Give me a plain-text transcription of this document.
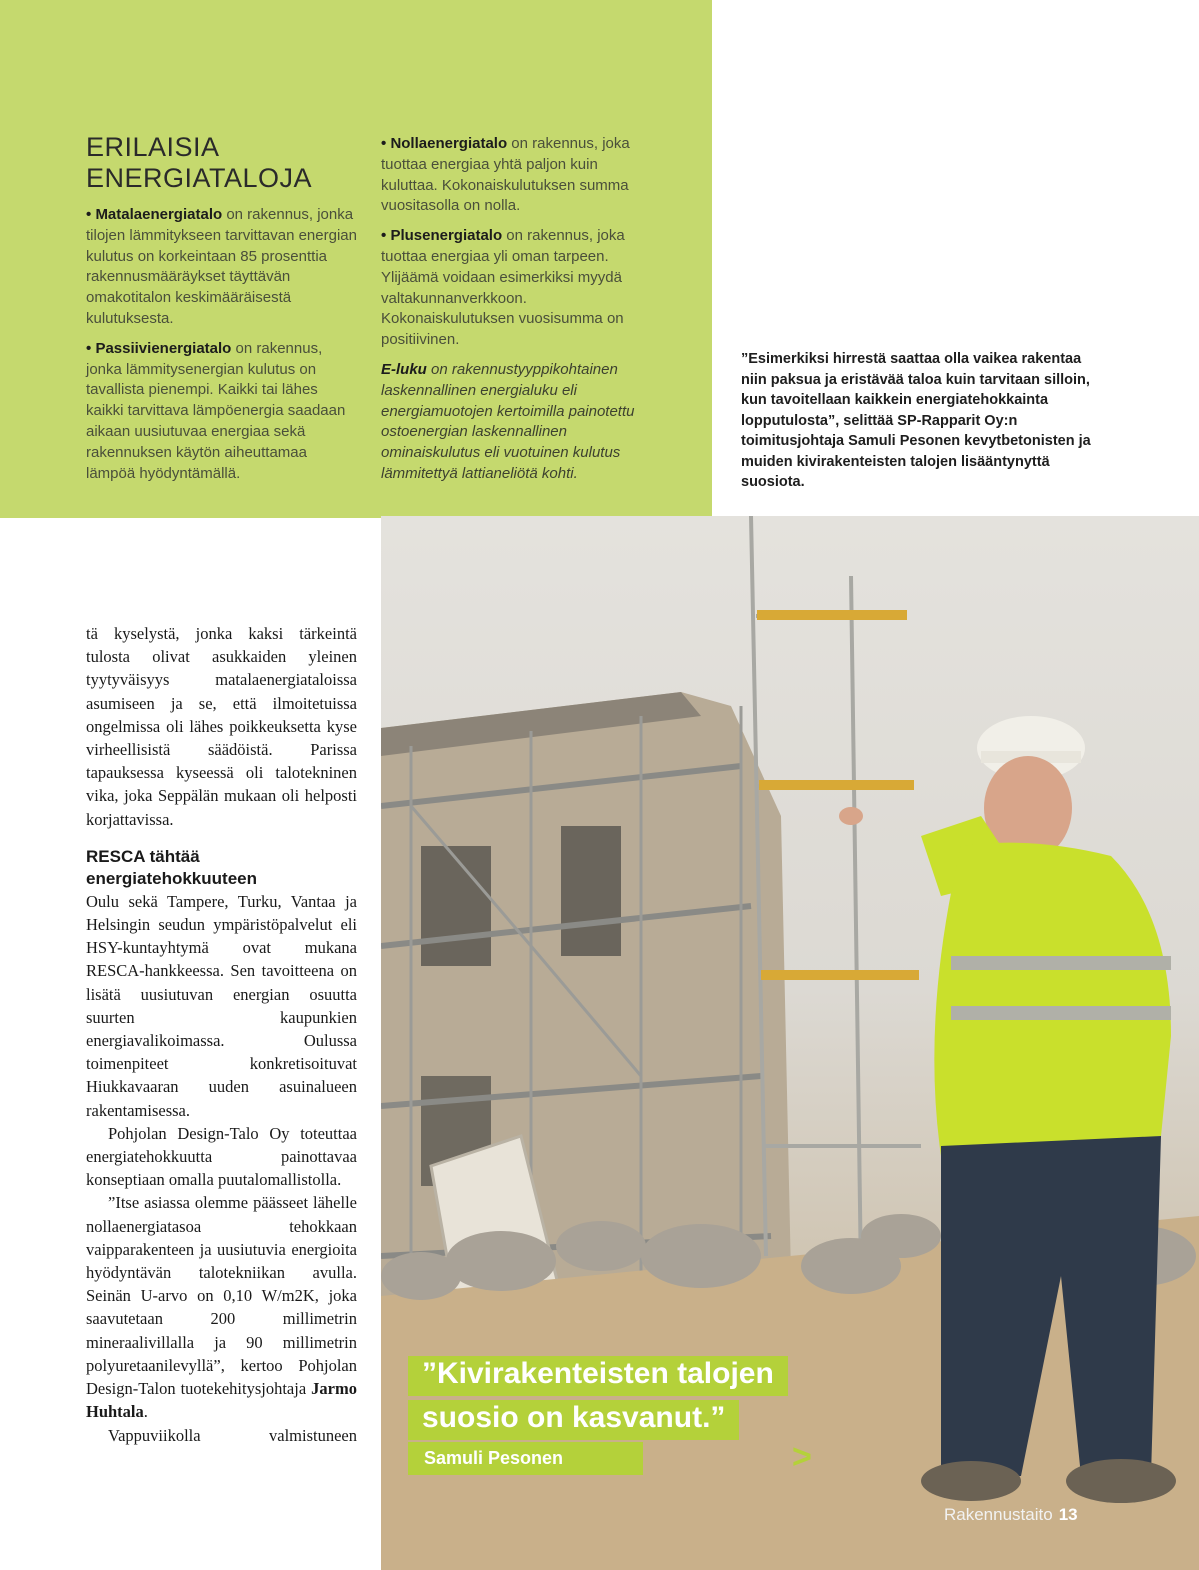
ERILAISIA
ENERGIATALOJA

• Matalaenergiatalo on rakennus, jonka tilojen lämmitykseen tarvittavan energian kulutus on korkeintaan 85 prosenttia rakennusmääräykset täyttävän omakotitalon keskimääräisestä kulutuksesta.

• Passiivienergiatalo on rakennus, jonka lämmitysenergian kulutus on tavallista pienempi. Kaikki tai lähes kaikki tarvittava lämpöenergia saadaan aikaan uusiutuvaa energiaa sekä rakennuksen käytön aiheuttamaa lämpöä hyödyntämällä.

• Nollaenergiatalo on rakennus, joka tuottaa energiaa yhtä paljon kuin kuluttaa. Kokonaiskulutuksen summa vuositasolla on nolla.

• Plusenergiatalo on rakennus, joka tuottaa energiaa yli oman tarpeen. Ylijäämä voidaan esimerkiksi myydä valtakunnanverkkoon. Kokonaiskulutuksen vuosisumma on positiivinen.

E-luku on rakennustyyppikohtainen laskennallinen energialuku eli energiamuotojen kertoimilla painotettu ostoenergian laskennallinen ominaiskulutus eli vuotuinen kulutus lämmitettyä lattianeliötä kohti.

”Esimerkiksi hirrestä saattaa olla vaikea rakentaa niin paksua ja eristävää taloa kuin tarvitaan silloin, kun tavoitellaan kaikkein energiatehokkainta lopputulosta”, selittää SP-Rapparit Oy:n toimitusjohtaja Samuli Pesonen kevytbetonisten ja muiden kivirakenteisten talojen lisääntynyttä suosiota.

tä kyselystä, jonka kaksi tärkeintä tulosta olivat asukkaiden yleinen tyytyväisyys matalaenergiataloissa asumiseen ja se, että ilmoitetuissa ongelmissa oli lähes poikkeuksetta kyse virheellisistä säädöistä. Parissa tapauksessa kyseessä oli talotekninen vika, joka Seppälän mukaan oli helposti korjattavissa.

RESCA tähtää energiatehokkuuteen

Oulu sekä Tampere, Turku, Vantaa ja Helsingin seudun ympäristöpalvelut eli HSY-kuntayhtymä ovat mukana RESCA-hankkeessa. Sen tavoitteena on lisätä uusiutuvan energian osuutta suurten kaupunkien energiavalikoimassa. Oulussa toimenpiteet konkretisoituvat Hiukkavaaran uuden asuinalueen rakentamisessa.

Pohjolan Design-Talo Oy toteuttaa energiatehokkuutta painottavaa konseptiaan omalla puutalomallistolla.

”Itse asiassa olemme päässeet lähelle nollaenergiatasoa tehokkaan vaipparakenteen ja uusiutuvia energioita hyödyntävän talotekniikan avulla. Seinän U-arvo on 0,10 W/m2K, joka saavutetaan 200 millimetrin mineraalivillalla ja 90 millimetrin polyuretaanilevyllä”, kertoo Pohjolan Design-Talon tuotekehitysjohtaja Jarmo Huhtala.

Vappuviikolla valmistuneen

”Kivirakenteisten talojen
suosio on kasvanut.”
Samuli Pesonen	>
Rakennustaito 13
